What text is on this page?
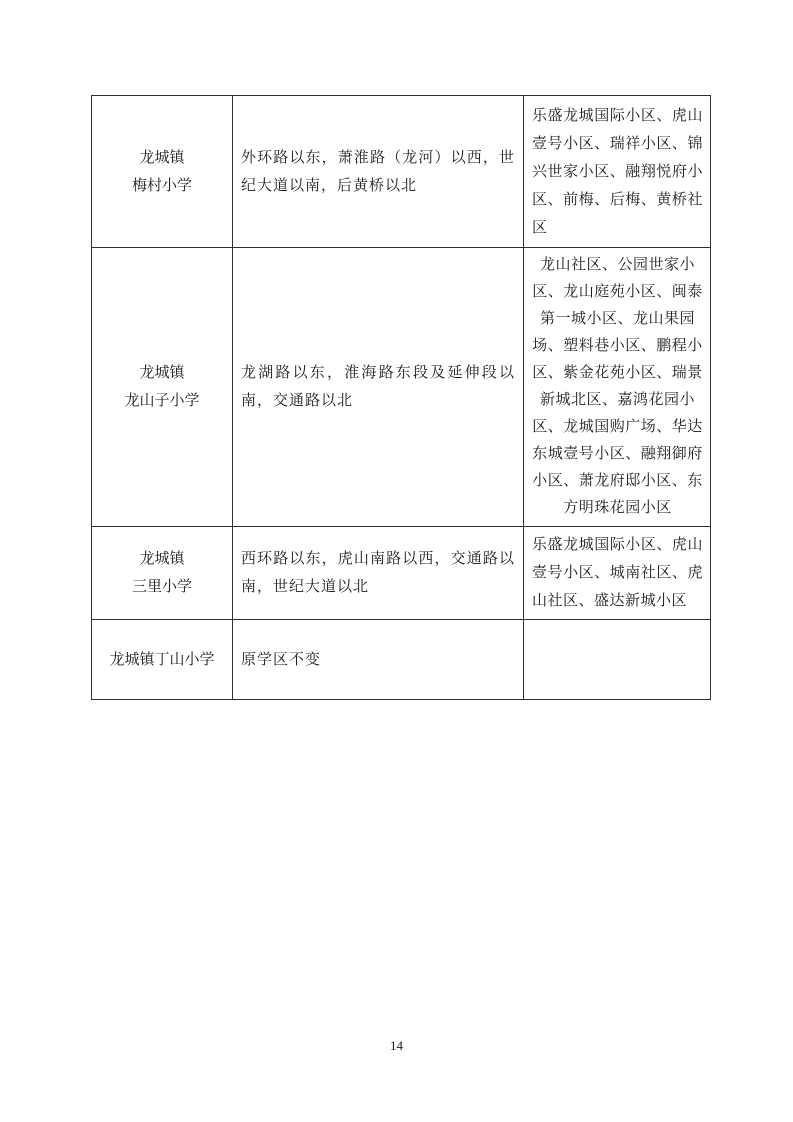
龙城镇
梅村小学	外环路以东，萧淮路（龙河）以西，世纪大道以南，后黄桥以北	乐盛龙城国际小区、虎山壹号小区、瑞祥小区、锦兴世家小区、融翔悦府小区、前梅、后梅、黄桥社区

龙城镇
龙山子小学	龙湖路以东，淮海路东段及延伸段以南，交通路以北	龙山社区、公园世家小区、龙山庭苑小区、闽泰第一城小区、龙山果园场、塑料巷小区、鹏程小区、紫金花苑小区、瑞景新城北区、嘉鸿花园小区、龙城国购广场、华达东城壹号小区、融翔御府小区、萧龙府邸小区、东方明珠花园小区

龙城镇
三里小学	西环路以东，虎山南路以西，交通路以南，世纪大道以北	乐盛龙城国际小区、虎山壹号小区、城南社区、虎山社区、盛达新城小区

龙城镇丁山小学	原学区不变	
14
